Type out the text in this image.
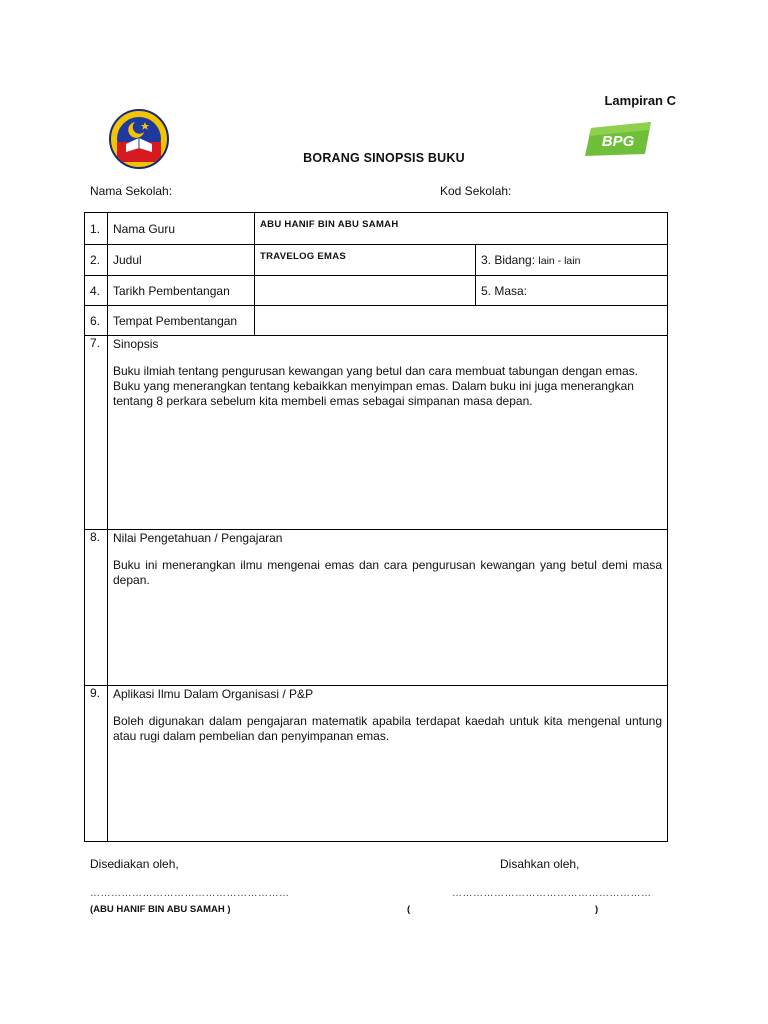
Lampiran C
BPG
BORANG SINOPSIS BUKU
Nama Sekolah:	Kod Sekolah:
1.	Nama Guru	ABU HANIF BIN ABU SAMAH	
2.	Judul	TRAVELOG EMAS	3. Bidang: lain - lain
4.	Tarikh Pembentangan		5. Masa:
6.	Tempat Pembentangan		
7.	Sinopsis

Buku ilmiah tentang pengurusan kewangan yang betul dan cara membuat tabungan dengan emas. Buku yang menerangkan tentang kebaikkan menyimpan emas. Dalam buku ini juga menerangkan tentang 8 perkara sebelum kita membeli emas sebagai simpanan masa depan.		

8.	Nilai Pengetahuan / Pengajaran

Buku ini menerangkan ilmu mengenai emas dan cara pengurusan kewangan yang betul demi masa depan.		

9.	Aplikasi Ilmu Dalam Organisasi / P&P

Boleh digunakan dalam pengajaran matematik apabila terdapat kaedah untuk kita mengenal untung atau rugi dalam pembelian dan penyimpanan emas.		

Disediakan oleh,	Disahkan oleh,
…………………………………………………	…………………………………………………
(ABU HANIF BIN ABU SAMAH )	(	)
